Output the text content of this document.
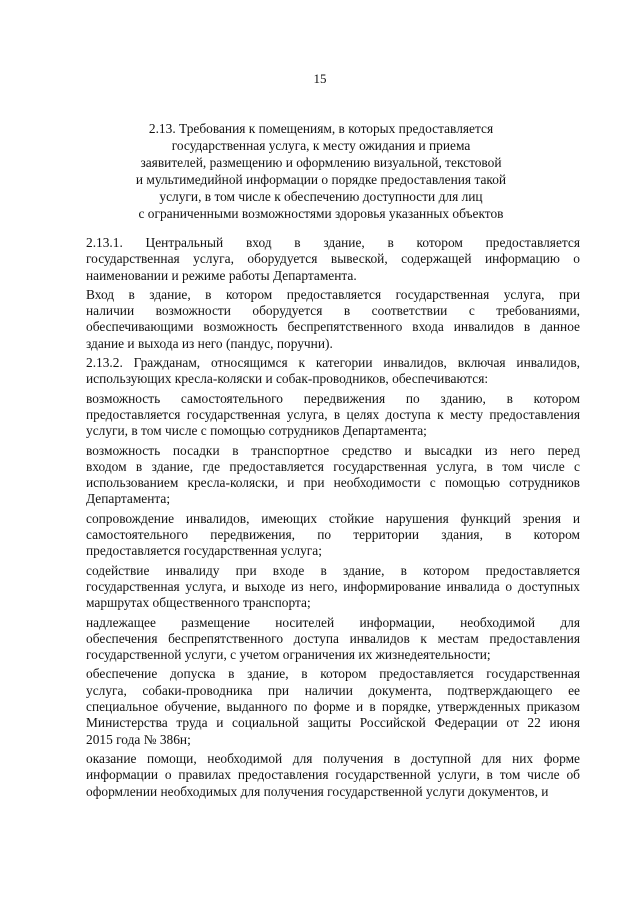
15
2.13. Требования к помещениям, в которых предоставляется
государственная услуга, к месту ожидания и приема
заявителей, размещению и оформлению визуальной, текстовой
и мультимедийной информации о порядке предоставления такой
услуги, в том числе к обеспечению доступности для лиц
с ограниченными возможностями здоровья указанных объектов
2.13.1. Центральный вход в здание, в котором предоставляется
государственная услуга, оборудуется вывеской, содержащей информацию о
наименовании и режиме работы Департамента.
Вход в здание, в котором предоставляется государственная услуга, при
наличии возможности оборудуется в соответствии с требованиями,
обеспечивающими возможность беспрепятственного входа инвалидов в данное
здание и выхода из него (пандус, поручни).
2.13.2. Гражданам, относящимся к категории инвалидов, включая инвалидов,
использующих кресла-коляски и собак-проводников, обеспечиваются:
возможность самостоятельного передвижения по зданию, в котором
предоставляется государственная услуга, в целях доступа к месту предоставления
услуги, в том числе с помощью сотрудников Департамента;
возможность посадки в транспортное средство и высадки из него перед
входом в здание, где предоставляется государственная услуга, в том числе с
использованием кресла-коляски, и при необходимости с помощью сотрудников
Департамента;
сопровождение инвалидов, имеющих стойкие нарушения функций зрения и
самостоятельного передвижения, по территории здания, в котором
предоставляется государственная услуга;
содействие инвалиду при входе в здание, в котором предоставляется
государственная услуга, и выходе из него, информирование инвалида о доступных
маршрутах общественного транспорта;
надлежащее размещение носителей информации, необходимой для
обеспечения беспрепятственного доступа инвалидов к местам предоставления
государственной услуги, с учетом ограничения их жизнедеятельности;
обеспечение допуска в здание, в котором предоставляется государственная
услуга, собаки-проводника при наличии документа, подтверждающего ее
специальное обучение, выданного по форме и в порядке, утвержденных приказом
Министерства труда и социальной защиты Российской Федерации от 22 июня
2015 года № 386н;
оказание помощи, необходимой для получения в доступной для них форме
информации о правилах предоставления государственной услуги, в том числе об
оформлении необходимых для получения государственной услуги документов, и
